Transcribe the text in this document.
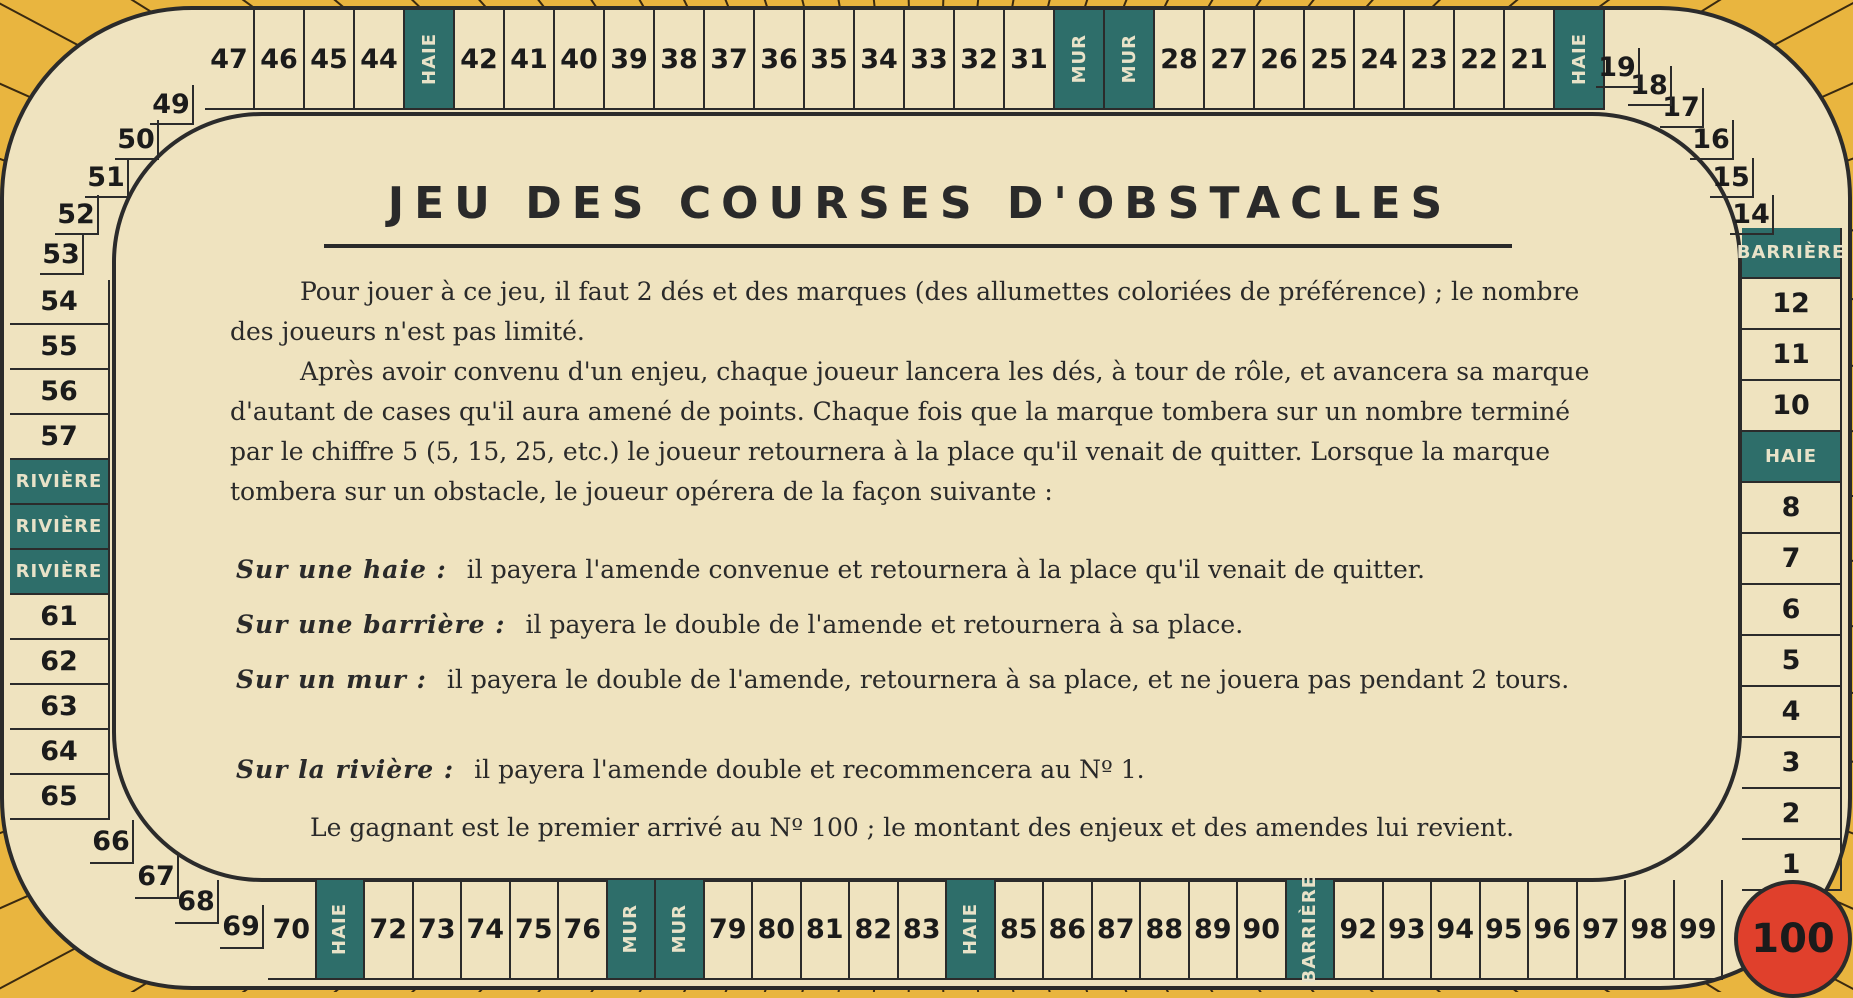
JEU DES COURSES D'OBSTACLES
Pour jouer à ce jeu, il faut 2 dés et des marques (des allumettes coloriées de préférence) ; le nombre des joueurs n'est pas limité.
Après avoir convenu d'un enjeu, chaque joueur lancera les dés, à tour de rôle, et avancera sa marque d'autant de cases qu'il aura amené de points. Chaque fois que la marque tombera sur un nombre terminé par le chiffre 5 (5, 15, 25, etc.) le joueur retournera à la place qu'il venait de quitter. Lorsque la marque tombera sur un obstacle, le joueur opérera de la façon suivante :
Sur une haie : il payera l'amende convenue et retournera à la place qu'il venait de quitter.
Sur une barrière : il payera le double de l'amende et retournera à sa place.
Sur un mur : il payera le double de l'amende, retournera à sa place, et ne jouera pas pendant 2 tours.
Sur la rivière : il payera l'amende double et recommencera au Nº 1.
Le gagnant est le premier arrivé au Nº 100 ; le montant des enjeux et des amendes lui revient.
HAIE
21
22
23
24
25
26
27
28
MUR
MUR
31
32
33
34
35
36
37
38
39
40
41
42
HAIE
44
45
46
47
70 HAIE 72 73 74 75 76 MUR MUR 79 80 81 82 83 HAIE 85 86 87 88 89 90 BARRIÈRE 92 93 94 95 96 97 98 99
1
2
3
4
5
6
7
8
HAIE
10
11
12
BARRIÈRE
54
55
56
57
RIVIÈRE
RIVIÈRE
RIVIÈRE
61
62
63
64
65
14
15
16
17
18
19
49
50
51
52
53
66
67
68
69	100
